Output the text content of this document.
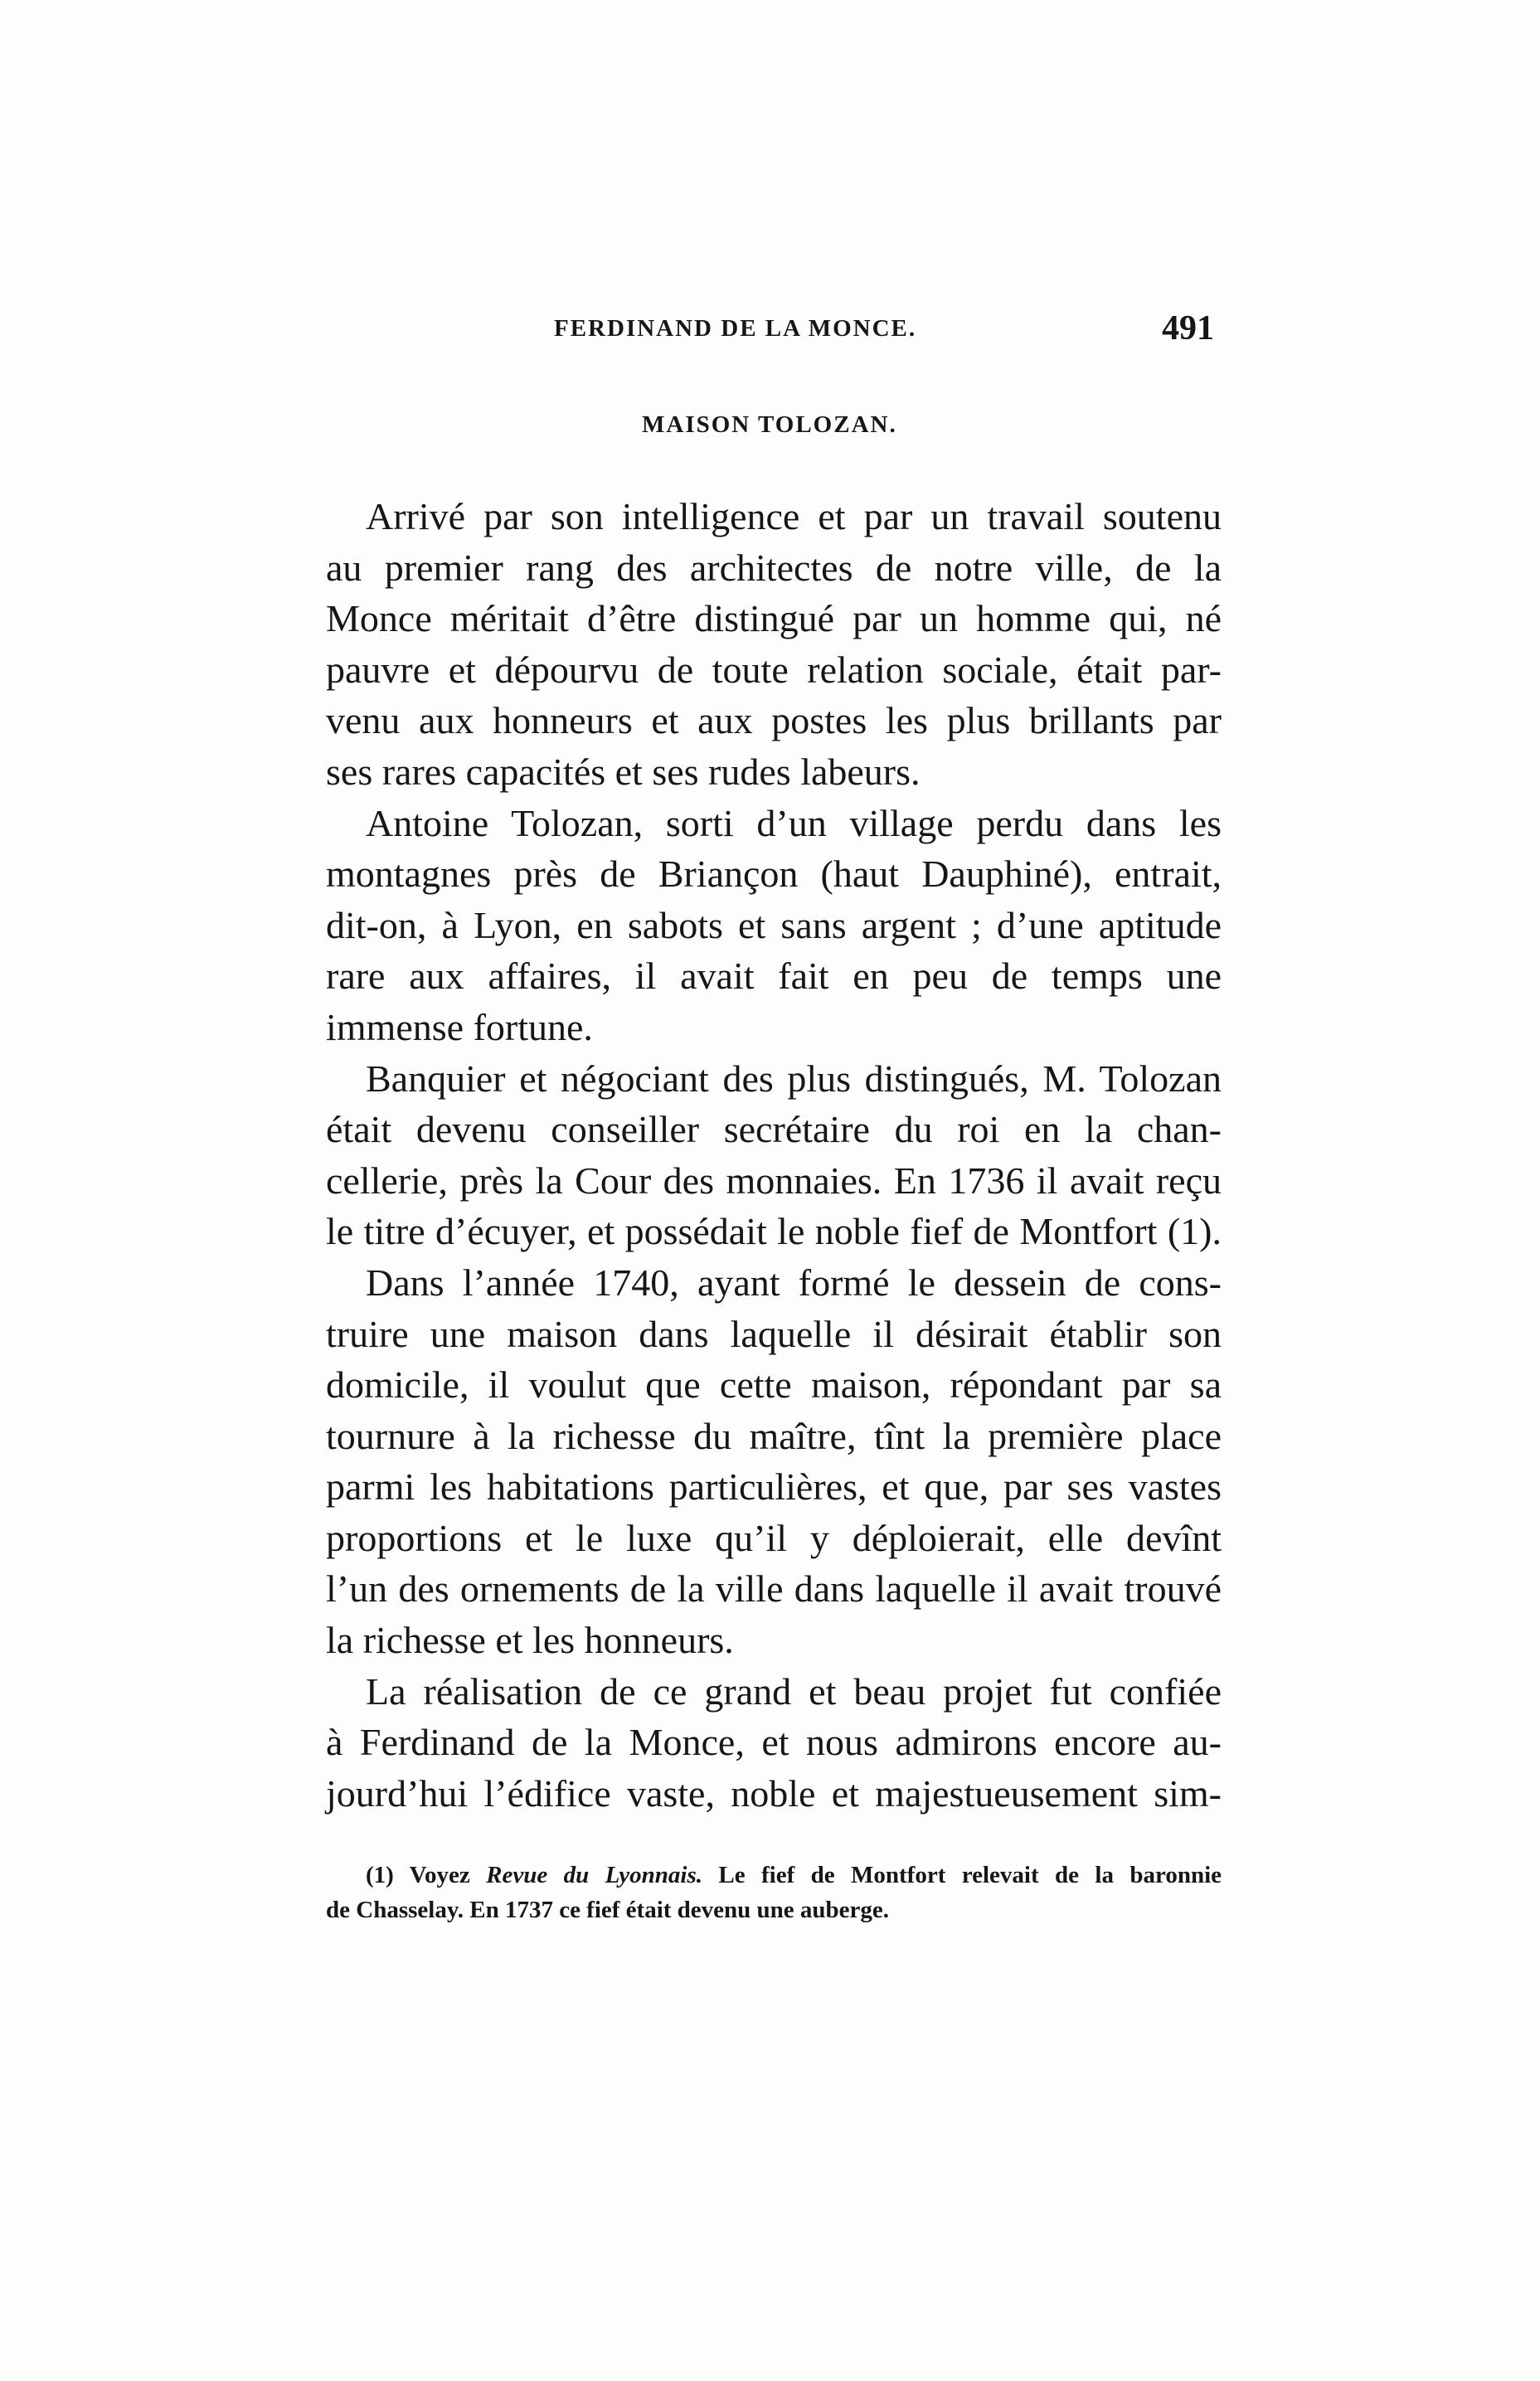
FERDINAND DE LA MONCE.	491
MAISON TOLOZAN.
Arrivé par son intelligence et par un travail soutenu
au premier rang des architectes de notre ville, de la
Monce méritait d’être distingué par un homme qui, né
pauvre et dépourvu de toute relation sociale, était par-
venu aux honneurs et aux postes les plus brillants par
ses rares capacités et ses rudes labeurs.
Antoine Tolozan, sorti d’un village perdu dans les
montagnes près de Briançon (haut Dauphiné), entrait,
dit-on, à Lyon, en sabots et sans argent ; d’une aptitude
rare aux affaires, il avait fait en peu de temps une
immense fortune.
Banquier et négociant des plus distingués, M. Tolozan
était devenu conseiller secrétaire du roi en la chan-
cellerie, près la Cour des monnaies. En 1736 il avait reçu
le titre d’écuyer, et possédait le noble fief de Montfort (1).
Dans l’année 1740, ayant formé le dessein de cons-
truire une maison dans laquelle il désirait établir son
domicile, il voulut que cette maison, répondant par sa
tournure à la richesse du maître, tînt la première place
parmi les habitations particulières, et que, par ses vastes
proportions et le luxe qu’il y déploierait, elle devînt
l’un des ornements de la ville dans laquelle il avait trouvé
la richesse et les honneurs.
La réalisation de ce grand et beau projet fut confiée
à Ferdinand de la Monce, et nous admirons encore au-
jourd’hui l’édifice vaste, noble et majestueusement sim-
(1) Voyez Revue du Lyonnais. Le fief de Montfort relevait de la baronnie
de Chasselay. En 1737 ce fief était devenu une auberge.
